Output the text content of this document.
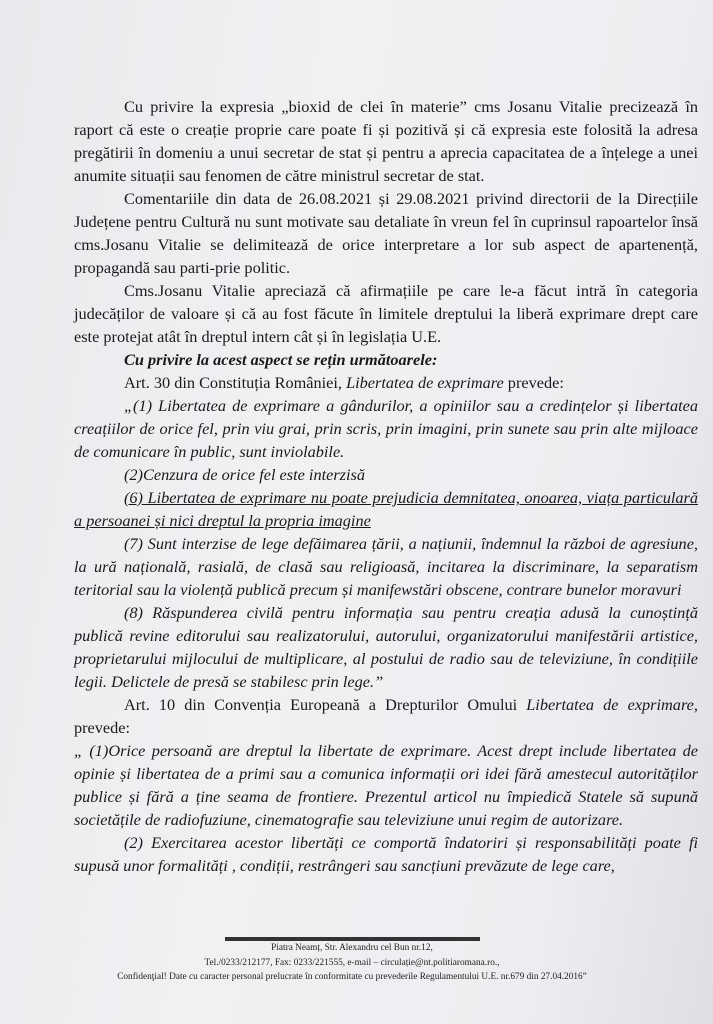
Cu privire la expresia „bioxid de clei în materie” cms Josanu Vitalie precizează în raport că este o creație proprie care poate fi și pozitivă și că expresia este folosită la adresa pregătirii în domeniu a unui secretar de stat și pentru a aprecia capacitatea de a înțelege a unei anumite situații sau fenomen de către ministrul secretar de stat.

Comentariile din data de 26.08.2021 și 29.08.2021 privind directorii de la Direcțiile Județene pentru Cultură nu sunt motivate sau detaliate în vreun fel în cuprinsul rapoartelor însă cms.Josanu Vitalie se delimitează de orice interpretare a lor sub aspect de apartenență, propagandă sau parti-prie politic.

Cms.Josanu Vitalie apreciază că afirmațiile pe care le-a făcut intră în categoria judecăților de valoare și că au fost făcute în limitele dreptului la liberă exprimare drept care este protejat atât în dreptul intern cât și în legislația U.E.

Cu privire la acest aspect se rețin următoarele:

Art. 30 din Constituția României, Libertatea de exprimare prevede:

„(1) Libertatea de exprimare a gândurilor, a opiniilor sau a credințelor și libertatea creațiilor de orice fel, prin viu grai, prin scris, prin imagini, prin sunete sau prin alte mijloace de comunicare în public, sunt inviolabile.

(2)Cenzura de orice fel este interzisă

(6) Libertatea de exprimare nu poate prejudicia demnitatea, onoarea, viața particulară a persoanei și nici dreptul la propria imagine

(7) Sunt interzise de lege defăimarea țării, a națiunii, îndemnul la război de agresiune, la ură națională, rasială, de clasă sau religioasă, incitarea la discriminare, la separatism teritorial sau la violență publică precum și manifewstări obscene, contrare bunelor moravuri

(8) Răspunderea civilă pentru informația sau pentru creația adusă la cunoștință publică revine editorului sau realizatorului, autorului, organizatorului manifestării artistice, proprietarului mijlocului de multiplicare, al postului de radio sau de televiziune, în condițiile legii. Delictele de presă se stabilesc prin lege.”

Art. 10 din Convenția Europeană a Drepturilor Omului Libertatea de exprimare, prevede:

„ (1)Orice persoană are dreptul la libertate de exprimare. Acest drept include libertatea de opinie și libertatea de a primi sau a comunica informații ori idei fără amestecul autorităților publice și fără a ține seama de frontiere. Prezentul articol nu împiedică Statele să supună societățile de radiofuziune, cinematografie sau televiziune unui regim de autorizare.

(2) Exercitarea acestor libertăți ce comportă îndatoriri și responsabilități poate fi supusă unor formalități , condiții, restrângeri sau sancțiuni prevăzute de lege care,

Piatra Neamț, Str. Alexandru cel Bun nr.12,
Tel./0233/212177, Fax: 0233/221555, e-mail – circulație@nt.politiaromana.ro.,
Confidenţial! Date cu caracter personal prelucrate în conformitate cu prevederile Regulamentului U.E. nr.679 din 27.04.2016”
